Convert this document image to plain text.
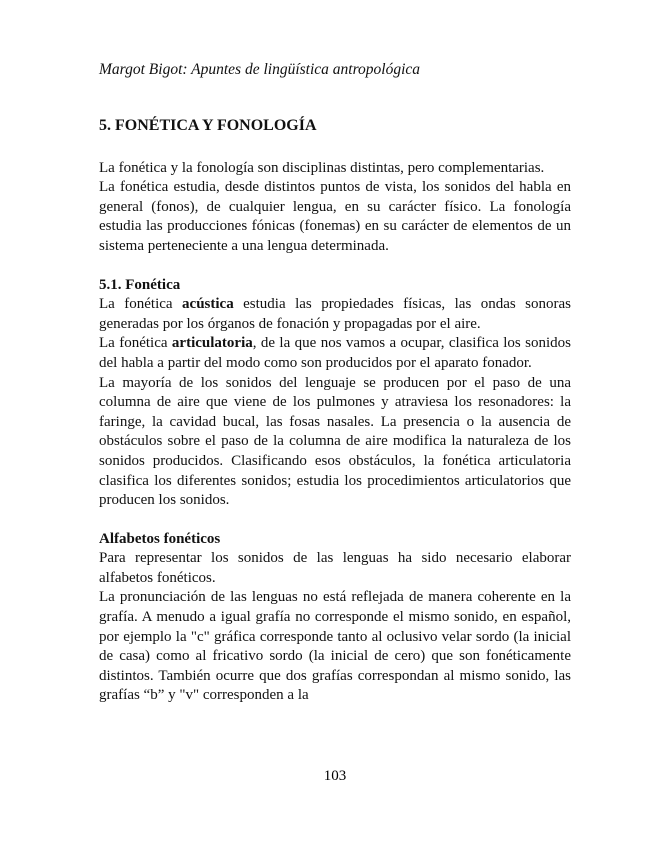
Margot Bigot: Apuntes de lingüística antropológica
5. FONÉTICA Y FONOLOGÍA

La fonética y la fonología son disciplinas distintas, pero complementarias.

La fonética estudia, desde distintos puntos de vista, los sonidos del habla en general (fonos), de cualquier lengua, en su carácter físico. La fonología estudia las producciones fónicas (fonemas) en su carácter de elementos de un sistema perteneciente a una lengua determinada.

5.1. Fonética

La fonética acústica estudia las propiedades físicas, las ondas sonoras generadas por los órganos de fonación y propagadas por el aire.

La fonética articulatoria, de la que nos vamos a ocupar, clasifica los sonidos del habla a partir del modo como son producidos por el aparato fonador.

La mayoría de los sonidos del lenguaje se producen por el paso de una columna de aire que viene de los pulmones y atraviesa los resonadores: la faringe, la cavidad bucal, las fosas nasales. La presencia o la ausencia de obstáculos sobre el paso de la columna de aire modifica la naturaleza de los sonidos producidos. Clasificando esos obstáculos, la fonética articulatoria clasifica los diferentes sonidos; estudia los procedimientos articulatorios que producen los sonidos.

Alfabetos fonéticos

Para representar los sonidos de las lenguas ha sido necesario elaborar alfabetos fonéticos.

La pronunciación de las lenguas no está reflejada de manera coherente en la grafía. A menudo a igual grafía no corresponde el mismo sonido, en español, por ejemplo la "c" gráfica corresponde tanto al oclusivo velar sordo (la inicial de casa) como al fricativo sordo (la inicial de cero) que son fonéticamente distintos. También ocurre que dos grafías correspondan al mismo sonido, las grafías “b” y "v" corresponden a la

103
